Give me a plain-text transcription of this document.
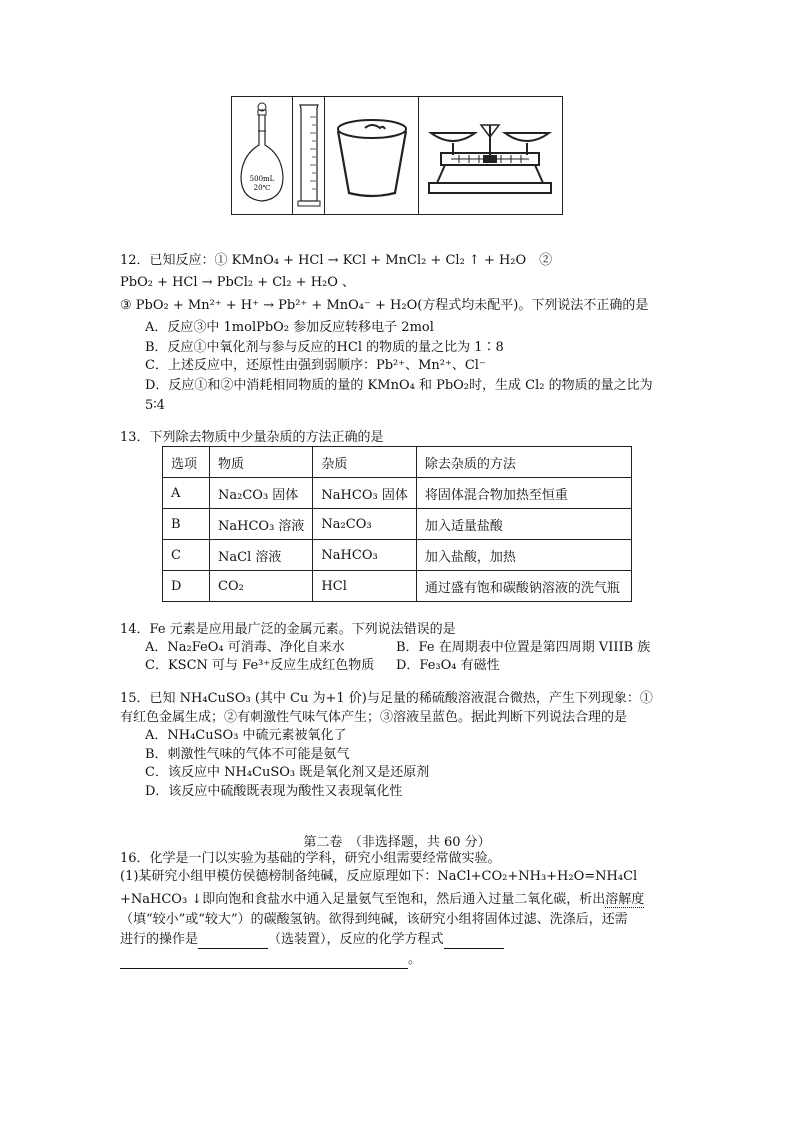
500mL
20℃
12．已知反应：① KMnO₄ + HCl → KCl + MnCl₂ + Cl₂ ↑ + H₂O　②
PbO₂ + HCl → PbCl₂ + Cl₂ + H₂O 、
③ PbO₂ + Mn²⁺ + H⁺ → Pb²⁺ + MnO₄⁻ + H₂O(方程式均未配平)。下列说法不正确的是
A．反应③中 1molPbO₂ 参加反应转移电子 2mol
B．反应①中氧化剂与参与反应的HCl 的物质的量之比为 1∶8
C．上述反应中，还原性由强到弱顺序：Pb²⁺、Mn²⁺、Cl⁻
D．反应①和②中消耗相同物质的量的 KMnO₄ 和 PbO₂时，生成 Cl₂ 的物质的量之比为
5∶4
13．下列除去物质中少量杂质的方法正确的是
选项	物质	杂质	除去杂质的方法
A	Na₂CO₃ 固体	NaHCO₃ 固体	将固体混合物加热至恒重
B	NaHCO₃ 溶液	Na₂CO₃	加入适量盐酸
C	NaCl 溶液	NaHCO₃	加入盐酸，加热
D	CO₂	HCl	通过盛有饱和碳酸钠溶液的洗气瓶
14．Fe 元素是应用最广泛的金属元素。下列说法错误的是
A．Na₂FeO₄ 可消毒、净化自来水	B．Fe 在周期表中位置是第四周期 VIIIB 族
C．KSCN 可与 Fe³⁺反应生成红色物质 D．Fe₃O₄ 有磁性
15．已知 NH₄CuSO₃ (其中 Cu 为+1 价)与足量的稀硫酸溶液混合微热，产生下列现象：①
有红色金属生成；②有刺激性气味气体产生；③溶液呈蓝色。据此判断下列说法合理的是
A．NH₄CuSO₃ 中硫元素被氧化了
B．刺激性气味的气体不可能是氨气
C．该反应中 NH₄CuSO₃ 既是氧化剂又是还原剂
D．该反应中硫酸既表现为酸性又表现氧化性
第二卷　（非选择题，共 60 分）
16．化学是一门以实验为基础的学科，研究小组需要经常做实验。
(1)某研究小组甲模仿侯德榜制备纯碱，反应原理如下：NaCl+CO₂+NH₃+H₂O=NH₄Cl
+NaHCO₃ ↓即向饱和食盐水中通入足量氨气至饱和，然后通入过量二氧化碳，析出溶解度
（填“较小”或“较大”）的碳酸氢钠。欲得到纯碱，该研究小组将固体过滤、洗涤后，还需
进行的操作是	（选装置），反应的化学方程式
。
